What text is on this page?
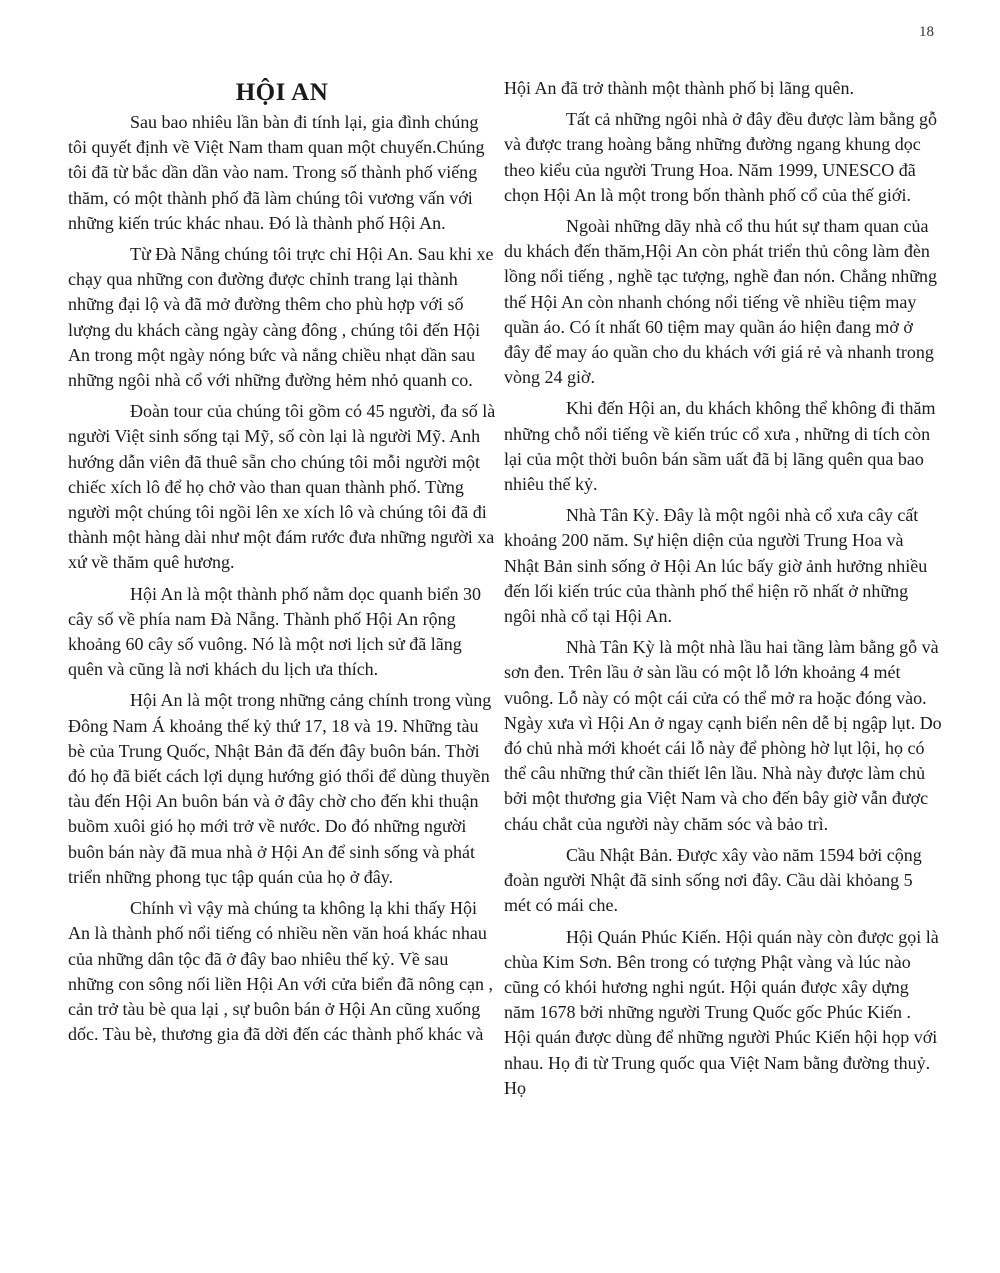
18
HỘI AN

Sau bao nhiêu lần bàn đi tính lại, gia đình chúng tôi quyết định về Việt Nam tham quan một chuyến.Chúng tôi đã từ bắc dần dần vào nam. Trong số thành phố viếng thăm, có một thành phố đã làm chúng tôi vương vấn với những kiến trúc khác nhau. Đó là thành phố Hội An.

Từ Đà Nẵng chúng tôi trực chỉ Hội An. Sau khi xe chạy qua những con đường được chỉnh trang lại thành những đại lộ và đã mở đường thêm cho phù hợp với số lượng du khách càng ngày càng đông , chúng tôi đến Hội An trong một ngày nóng bức và nắng chiều nhạt dần sau những ngôi nhà cổ với những đường hẻm nhỏ quanh co.

Đoàn tour của chúng tôi gồm có 45 người, đa số là người Việt sinh sống tại Mỹ, số còn lại là người Mỹ. Anh hướng dẫn viên đã thuê sẵn cho chúng tôi mỗi người một chiếc xích lô để họ chở vào than quan thành phố. Từng người một chúng tôi ngồi lên xe xích lô và chúng tôi đã đi thành một hàng dài như một đám rước đưa những người xa xứ về thăm quê hương.

Hội An là một thành phố nằm dọc quanh biển 30 cây số về phía nam Đà Nẵng. Thành phố Hội An rộng khoảng 60 cây số vuông. Nó là một nơi lịch sử đã lãng quên và cũng là nơi khách du lịch ưa thích.

Hội An là một trong những cảng chính trong vùng Đông Nam Á khoảng thế kỷ thứ 17, 18 và 19. Những tàu bè của Trung Quốc, Nhật Bản đã đến đây buôn bán. Thời đó họ đã biết cách lợi dụng hướng gió thổi để dùng thuyền tàu đến Hội An buôn bán và ở đây chờ cho đến khi thuận buồm xuôi gió họ mới trở về nước. Do đó những người buôn bán này đã mua nhà ở Hội An để sinh sống và phát triển những phong tục tập quán của họ ở đây.

Chính vì vậy mà chúng ta không lạ khi thấy Hội An là thành phố nổi tiếng có nhiều nền văn hoá khác nhau của những dân tộc đã ở đây bao nhiêu thế kỷ. Về sau những con sông nối liền Hội An với cửa biển đã nông cạn , cản trở tàu bè qua lại , sự buôn bán ở Hội An cũng xuống dốc. Tàu bè, thương gia đã dời đến các thành phố khác và

Hội An đã trở thành một thành phố bị lãng quên.

Tất cả những ngôi nhà ở đây đều được làm bằng gỗ và được trang hoàng bằng những đường ngang khung dọc theo kiểu của người Trung Hoa. Năm 1999, UNESCO đã chọn Hội An là một trong bốn thành phố cổ của thế giới.

Ngoài những dãy nhà cổ thu hút sự tham quan của du khách đến thăm,Hội An còn phát triển thủ công làm đèn lồng nổi tiếng , nghề tạc tượng, nghề đan nón. Chẳng những thế Hội An còn nhanh chóng nổi tiếng về nhiều tiệm may quần áo. Có ít nhất 60 tiệm may quần áo hiện đang mở ở đây để may áo quần cho du khách với giá rẻ và nhanh trong vòng 24 giờ.

Khi đến Hội an, du khách không thể không đi thăm những chỗ nổi tiếng về kiến trúc cổ xưa , những di tích còn lại của một thời buôn bán sầm uất đã bị lãng quên qua bao nhiêu thế kỷ.

Nhà Tân Kỳ. Đây là một ngôi nhà cổ xưa cây cất khoảng 200 năm. Sự hiện diện của người Trung Hoa và Nhật Bản sinh sống ở Hội An lúc bấy giờ ảnh hưởng nhiều đến lối kiến trúc của thành phố thể hiện rõ nhất ở những ngôi nhà cổ tại Hội An.

Nhà Tân Kỳ là một nhà lầu hai tầng làm bằng gỗ và sơn đen. Trên lầu ở sàn lầu có một lỗ lớn khoảng 4 mét vuông. Lỗ này có một cái cửa có thể mở ra hoặc đóng vào. Ngày xưa vì Hội An ở ngay cạnh biển nên dễ bị ngập lụt. Do đó chủ nhà mới khoét cái lỗ này để phòng hờ lụt lội, họ có thể câu những thứ cần thiết lên lầu. Nhà này được làm chủ bởi một thương gia Việt Nam và cho đến bây giờ vẫn được cháu chắt của người này chăm sóc và bảo trì.

Cầu Nhật Bản. Được xây vào năm 1594 bởi cộng đoàn người Nhật đã sinh sống nơi đây. Cầu dài khỏang 5 mét có mái che.

Hội Quán Phúc Kiến. Hội quán này còn được gọi là chùa Kim Sơn. Bên trong có tượng Phật vàng và lúc nào cũng có khói hương nghi ngút. Hội quán được xây dựng năm 1678 bởi những người Trung Quốc gốc Phúc Kiến . Hội quán được dùng để những người Phúc Kiến hội họp với nhau. Họ đi từ Trung quốc qua Việt Nam bằng đường thuỷ. Họ
